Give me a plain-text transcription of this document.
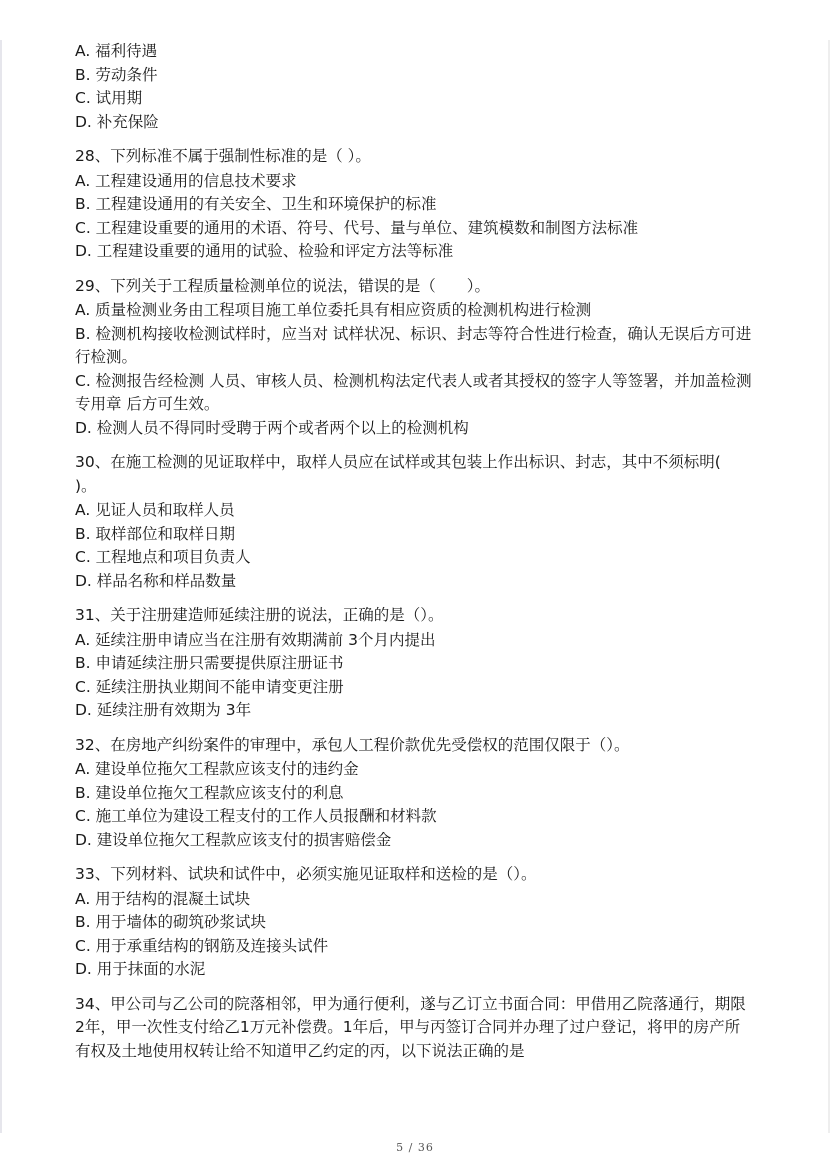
A. 福利待遇
B. 劳动条件
C. 试用期
D. 补充保险
28、下列标准不属于强制性标准的是（ ）。
A. 工程建设通用的信息技术要求
B. 工程建设通用的有关安全、卫生和环境保护的标准
C. 工程建设重要的通用的术语、符号、代号、量与单位、建筑模数和制图方法标准
D. 工程建设重要的通用的试验、检验和评定方法等标准
29、下列关于工程质量检测单位的说法，错误的是（　　）。
A. 质量检测业务由工程项目施工单位委托具有相应资质的检测机构进行检测
B. 检测机构接收检测试样时，应当对 试样状况、标识、封志等符合性进行检查，确认无误后方可进行检测。
C. 检测报告经检测 人员、审核人员、检测机构法定代表人或者其授权的签字人等签署，并加盖检测专用章 后方可生效。
D. 检测人员不得同时受聘于两个或者两个以上的检测机构
30、在施工检测的见证取样中，取样人员应在试样或其包装上作出标识、封志，其中不须标明(　　)。
A. 见证人员和取样人员
B. 取样部位和取样日期
C. 工程地点和项目负责人
D. 样品名称和样品数量
31、关于注册建造师延续注册的说法，正确的是（）。
A. 延续注册申请应当在注册有效期满前 3个月内提出
B. 申请延续注册只需要提供原注册证书
C. 延续注册执业期间不能申请变更注册
D. 延续注册有效期为 3年
32、在房地产纠纷案件的审理中，承包人工程价款优先受偿权的范围仅限于（）。
A. 建设单位拖欠工程款应该支付的违约金
B. 建设单位拖欠工程款应该支付的利息
C. 施工单位为建设工程支付的工作人员报酬和材料款
D. 建设单位拖欠工程款应该支付的损害赔偿金
33、下列材料、试块和试件中，必须实施见证取样和送检的是（）。
A. 用于结构的混凝土试块
B. 用于墙体的砌筑砂浆试块
C. 用于承重结构的钢筋及连接头试件
D. 用于抹面的水泥
34、甲公司与乙公司的院落相邻，甲为通行便利，遂与乙订立书面合同：甲借用乙院落通行，期限2年，甲一次性支付给乙1万元补偿费。1年后，甲与丙签订合同并办理了过户登记，将甲的房产所有权及土地使用权转让给不知道甲乙约定的丙，以下说法正确的是
5 / 36
